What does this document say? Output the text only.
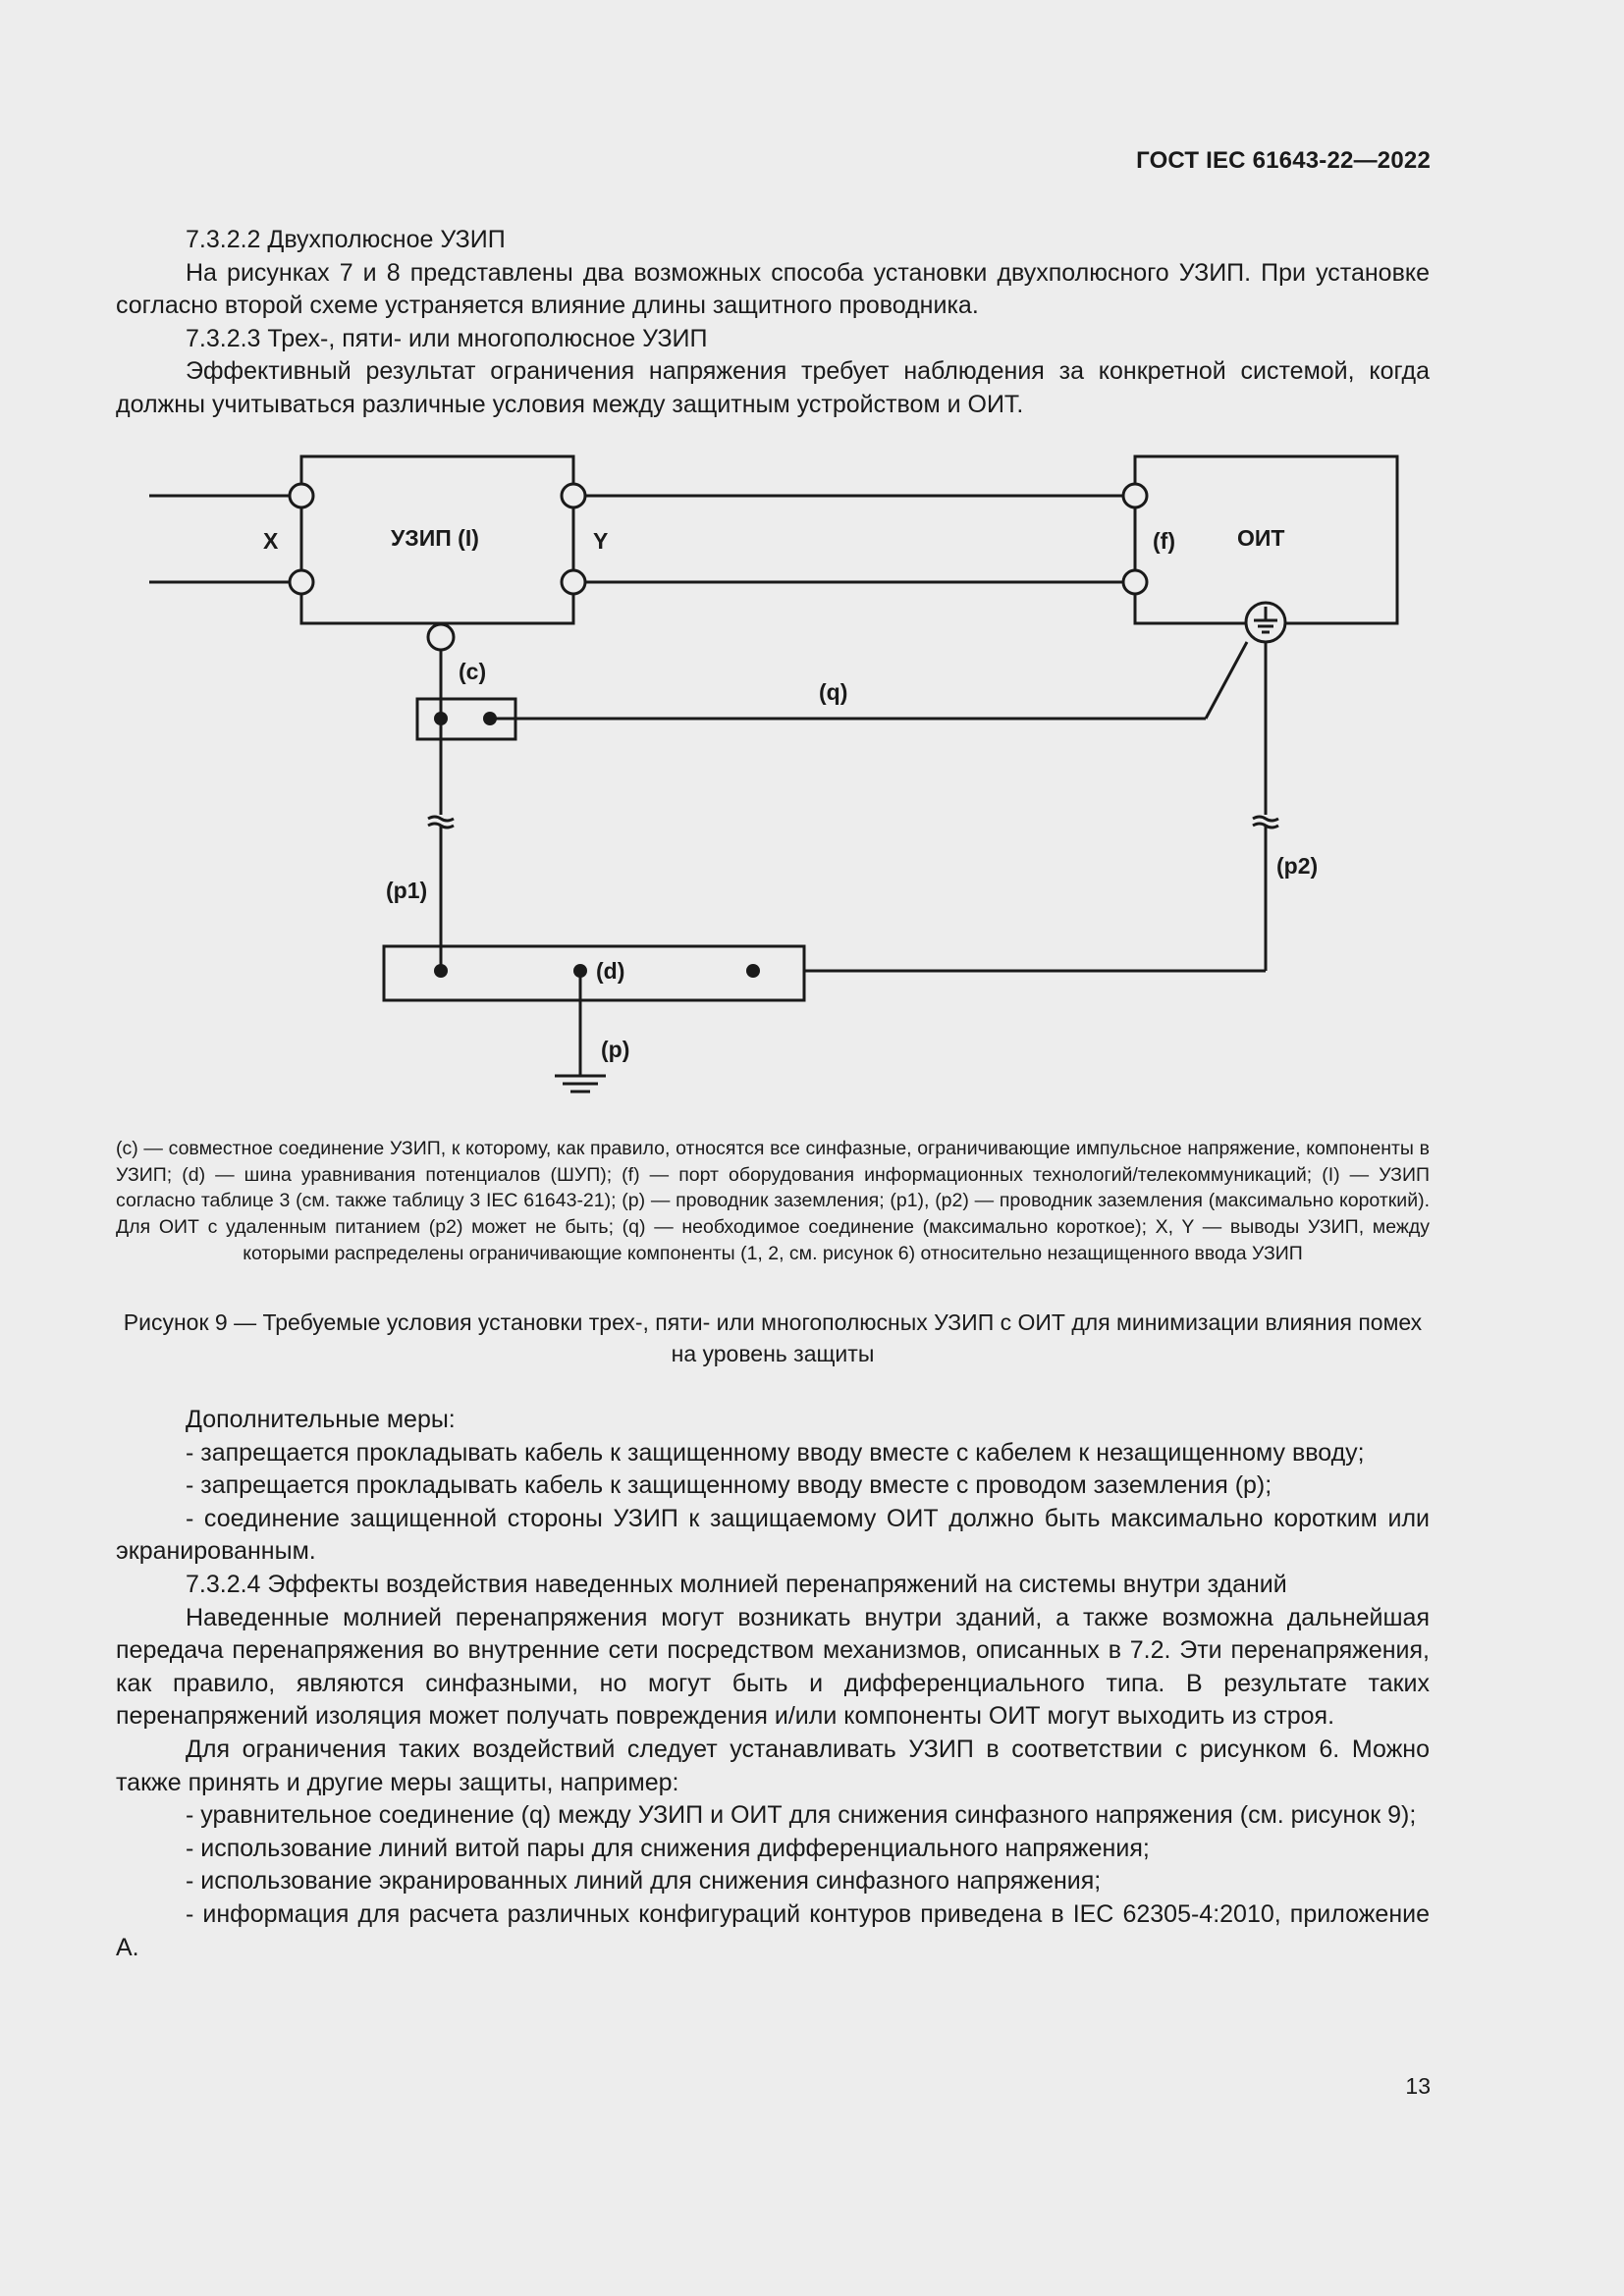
ГОСТ IEC 61643-22—2022

7.3.2.2 Двухполюсное УЗИП

На рисунках 7 и 8 представлены два возможных способа установки двухполюсного УЗИП. При установке согласно второй схеме устраняется влияние длины защитного проводника.

7.3.2.3 Трех-, пяти- или многополюсное УЗИП

Эффективный результат ограничения напряжения требует наблюдения за конкретной системой, когда должны учитываться различные условия между защитным устройством и ОИТ.

X	УЗИП (I)	Y	(f)	ОИТ
(c)
(q)
(p1)
(p2)
(d)
(p)
(c) — совместное соединение УЗИП, к которому, как правило, относятся все синфазные, ограничивающие импульсное напряжение, компоненты в УЗИП; (d) — шина уравнивания потенциалов (ШУП); (f) — порт оборудования информационных технологий/телекоммуникаций; (I) — УЗИП согласно таблице 3 (см. также таблицу 3 IEC 61643-21); (p) — проводник заземления; (p1), (p2) — проводник заземления (максимально короткий). Для ОИТ с удаленным питанием (p2) может не быть; (q) — необходимое соединение (максимально короткое); X, Y — выводы УЗИП, между которыми распределены ограничивающие компоненты (1, 2, см. рисунок 6) относительно незащищенного ввода УЗИП
Рисунок 9 — Требуемые условия установки трех-, пяти- или многополюсных УЗИП с ОИТ для минимизации влияния помех на уровень защиты

Дополнительные меры:

- запрещается прокладывать кабель к защищенному вводу вместе с кабелем к незащищенному вводу;

- запрещается прокладывать кабель к защищенному вводу вместе с проводом заземления (p);

- соединение защищенной стороны УЗИП к защищаемому ОИТ должно быть максимально коротким или экранированным.

7.3.2.4 Эффекты воздействия наведенных молнией перенапряжений на системы внутри зданий

Наведенные молнией перенапряжения могут возникать внутри зданий, а также возможна дальнейшая передача перенапряжения во внутренние сети посредством механизмов, описанных в 7.2. Эти перенапряжения, как правило, являются синфазными, но могут быть и дифференциального типа. В результате таких перенапряжений изоляция может получать повреждения и/или компоненты ОИТ могут выходить из строя.

Для ограничения таких воздействий следует устанавливать УЗИП в соответствии с рисунком 6. Можно также принять и другие меры защиты, например:

- уравнительное соединение (q) между УЗИП и ОИТ для снижения синфазного напряжения (см. рисунок 9);

- использование линий витой пары для снижения дифференциального напряжения;

- использование экранированных линий для снижения синфазного напряжения;

- информация для расчета различных конфигураций контуров приведена в IEC 62305-4:2010, приложение А.

13
